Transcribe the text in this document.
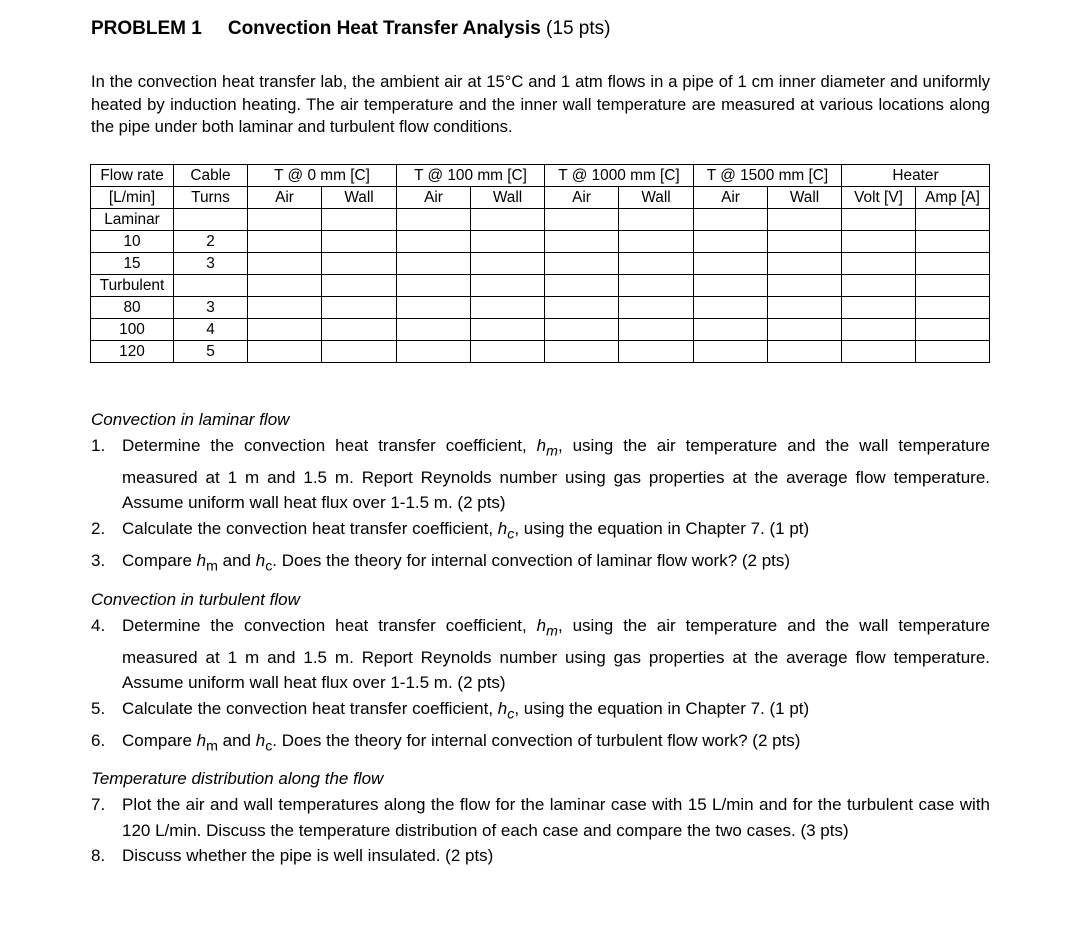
PROBLEM 1 Convection Heat Transfer Analysis (15 pts)
In the convection heat transfer lab, the ambient air at 15°C and 1 atm flows in a pipe of 1 cm inner diameter and uniformly heated by induction heating. The air temperature and the inner wall temperature are measured at various locations along the pipe under both laminar and turbulent flow conditions.
Flow rate	Cable	T @ 0 mm [C]		T @ 100 mm [C]		T @ 1000 mm [C]		T @ 1500 mm [C]		Heater	
[L/min]	Turns	Air	Wall	Air	Wall	Air	Wall	Air	Wall	Volt [V]	Amp [A]
Laminar											
10	2										
15	3										
Turbulent											
80	3										
100	4										
120	5										
Convection in laminar flow
1. Determine the convection heat transfer coefficient, $h_m$, using the air temperature and the wall temperature measured at 1 m and 1.5 m. Report Reynolds number using gas properties at the average flow temperature. Assume uniform wall heat flux over 1-1.5 m. (2 pts)
2. Calculate the convection heat transfer coefficient, $h_c$, using the equation in Chapter 7. (1 pt)
3. Compare $h_m$ and $h_c$. Does the theory for internal convection of laminar flow work? (2 pts)
Convection in turbulent flow
4. Determine the convection heat transfer coefficient, $h_m$, using the air temperature and the wall temperature measured at 1 m and 1.5 m. Report Reynolds number using gas properties at the average flow temperature. Assume uniform wall heat flux over 1-1.5 m. (2 pts)
5. Calculate the convection heat transfer coefficient, $h_c$, using the equation in Chapter 7. (1 pt)
6. Compare $h_m$ and $h_c$. Does the theory for internal convection of turbulent flow work? (2 pts)
Temperature distribution along the flow
7. Plot the air and wall temperatures along the flow for the laminar case with 15 L/min and for the turbulent case with 120 L/min. Discuss the temperature distribution of each case and compare the two cases. (3 pts)
8. Discuss whether the pipe is well insulated. (2 pts)
